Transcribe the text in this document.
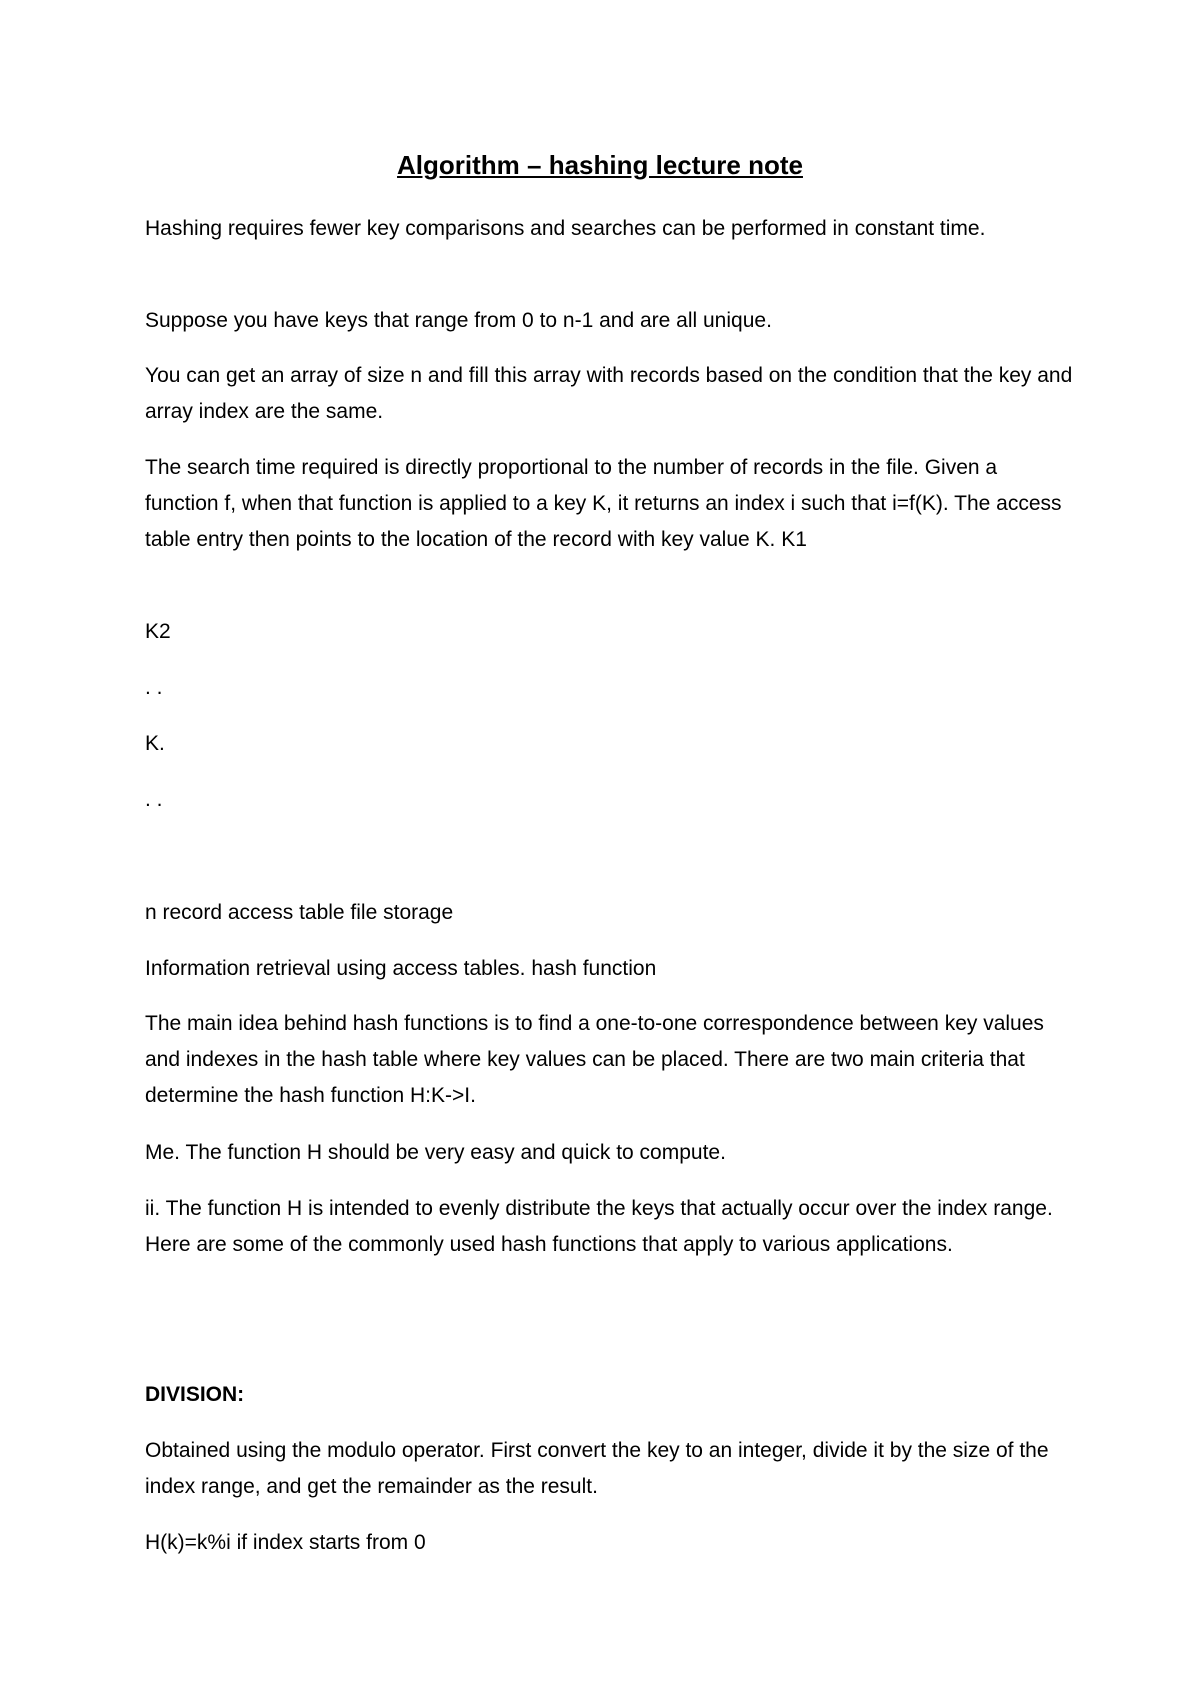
Algorithm – hashing lecture note

Hashing requires fewer key comparisons and searches can be performed in constant time.

Suppose you have keys that range from 0 to n-1 and are all unique.

You can get an array of size n and fill this array with records based on the condition that the key and array index are the same.

The search time required is directly proportional to the number of records in the file. Given a function f, when that function is applied to a key K, it returns an index i such that i=f(K). The access table entry then points to the location of the record with key value K. K1

K2

. .

K.

. .

n record access table file storage

Information retrieval using access tables. hash function

The main idea behind hash functions is to find a one-to-one correspondence between key values and indexes in the hash table where key values can be placed. There are two main criteria that determine the hash function H:K->I.

Me. The function H should be very easy and quick to compute.

ii. The function H is intended to evenly distribute the keys that actually occur over the index range. Here are some of the commonly used hash functions that apply to various applications.

DIVISION:

Obtained using the modulo operator. First convert the key to an integer, divide it by the size of the index range, and get the remainder as the result.

H(k)=k%i if index starts from 0
